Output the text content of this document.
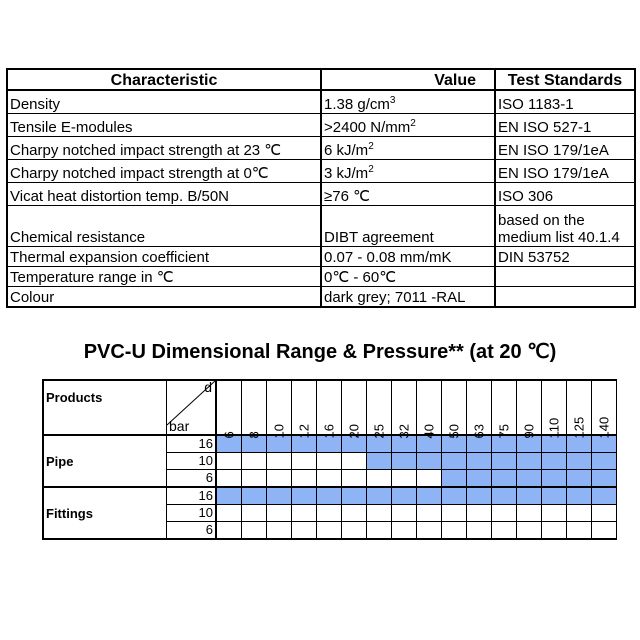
Characteristic	Value	Test Standards
Density	1.38 $g/cm^3$	ISO 1183-1
Tensile E-modules	>2400 $N/mm^2$	EN ISO 527-1
Charpy notched impact strength at 23 ℃	6 $kJ/m^2$	EN ISO 179/1eA
Charpy notched impact strength at 0℃	3 $kJ/m^2$	EN ISO 179/1eA
Vicat heat distortion temp. B/50N	≥76 ℃	ISO 306
Chemical resistance	DIBT agreement	based on the medium list 40.1.4
Thermal expansion coefficient	0.07 - 0.08 mm/mK	DIN 53752
Temperature range in ℃	0℃ - 60℃	
Colour	dark grey; 7011 -RAL	
PVC-U Dimensional Range & Pressure** (at 20 ℃)
Products	d
bar	6	8	10	12	16	20	25	32	40	50	63	75	90	110	125	140

Pipe	16																
	10																
	6																
Fittings	16																
	10																
	6																
